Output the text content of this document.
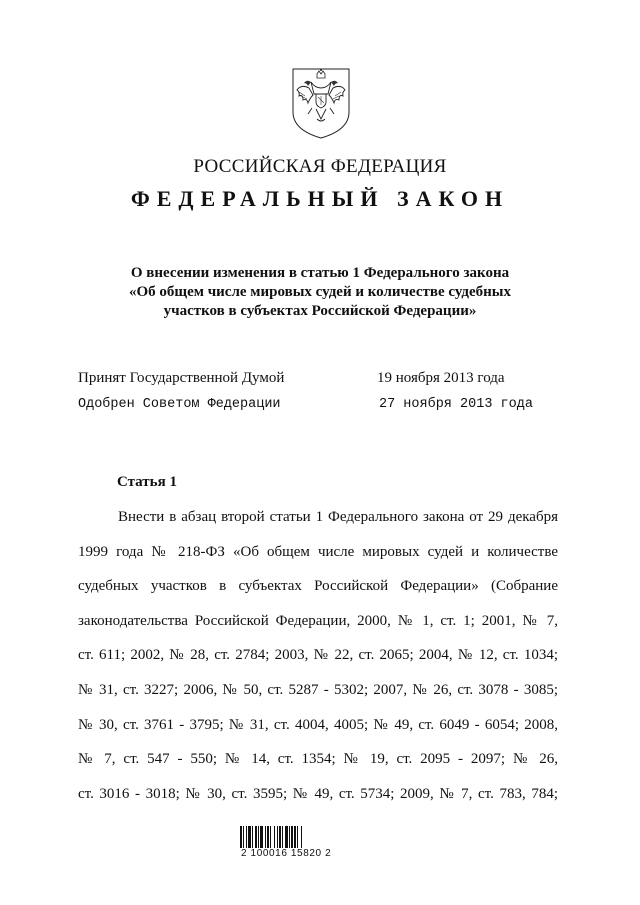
РОССИЙСКАЯ ФЕДЕРАЦИЯ
ФЕДЕРАЛЬНЫЙ ЗАКОН
О внесении изменения в статью 1 Федерального закона
«Об общем числе мировых судей и количестве судебных
участков в субъектах Российской Федерации»
Принят Государственной Думой	19 ноября 2013 года
Одобрен Советом Федерации	27 ноября 2013 года
Статья 1
Внести в абзац второй статьи 1 Федерального закона от 29 декабря
1999 года № 218-ФЗ «Об общем числе мировых судей и количестве
судебных участков в субъектах Российской Федерации» (Собрание
законодательства Российской Федерации, 2000, № 1, ст. 1; 2001, № 7,
ст. 611; 2002, № 28, ст. 2784; 2003, № 22, ст. 2065; 2004, № 12, ст. 1034;
№ 31, ст. 3227; 2006, № 50, ст. 5287 - 5302; 2007, № 26, ст. 3078 - 3085;
№ 30, ст. 3761 - 3795; № 31, ст. 4004, 4005; № 49, ст. 6049 - 6054; 2008,
№ 7, ст. 547 - 550; № 14, ст. 1354; № 19, ст. 2095 - 2097; № 26,
ст. 3016 - 3018; № 30, ст. 3595; № 49, ст. 5734; 2009, № 7, ст. 783, 784;
2 100016 15820 2
